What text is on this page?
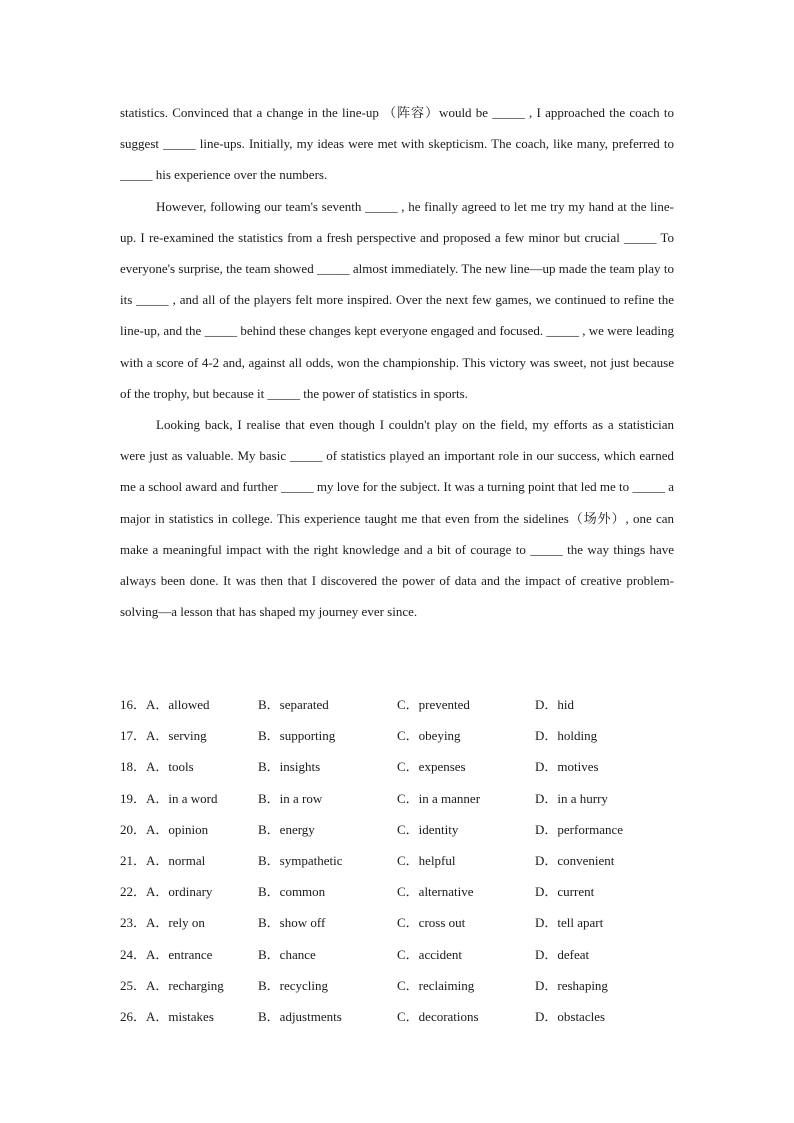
statistics. Convinced that a change in the line-up （阵容）would be _____ , I approached the coach to suggest _____ line-ups. Initially, my ideas were met with skepticism. The coach, like many, preferred to _____ his experience over the numbers.

However, following our team's seventh _____ , he finally agreed to let me try my hand at the line-up. I re-examined the statistics from a fresh perspective and proposed a few minor but crucial _____ To everyone's surprise, the team showed _____ almost immediately. The new line—up made the team play to its _____ , and all of the players felt more inspired. Over the next few games, we continued to refine the line-up, and the _____ behind these changes kept everyone engaged and focused. _____ , we were leading with a score of 4-2 and, against all odds, won the championship. This victory was sweet, not just because of the trophy, but because it _____ the power of statistics in sports.

Looking back, I realise that even though I couldn't play on the field, my efforts as a statistician were just as valuable. My basic _____ of statistics played an important role in our success, which earned me a school award and further _____ my love for the subject. It was a turning point that led me to _____ a major in statistics in college. This experience taught me that even from the sidelines（场外）, one can make a meaningful impact with the right knowledge and a bit of courage to _____ the way things have always been done. It was then that I discovered the power of data and the impact of creative problem-solving—a lesson that has shaped my journey ever since.

16．A．allowed	B．separated	C．prevented	D．hid
17．A．serving	B．supporting	C．obeying	D．holding
18．A．tools	B．insights	C．expenses	D．motives
19．A．in a word	B．in a row	C．in a manner	D．in a hurry
20．A．opinion	B．energy	C．identity	D．performance
21．A．normal	B．sympathetic	C．helpful	D．convenient
22．A．ordinary	B．common	C．alternative	D．current
23．A．rely on	B．show off	C．cross out	D．tell apart
24．A．entrance	B．chance	C．accident	D．defeat
25．A．recharging	B．recycling	C．reclaiming	D．reshaping
26．A．mistakes	B．adjustments	C．decorations	D．obstacles
